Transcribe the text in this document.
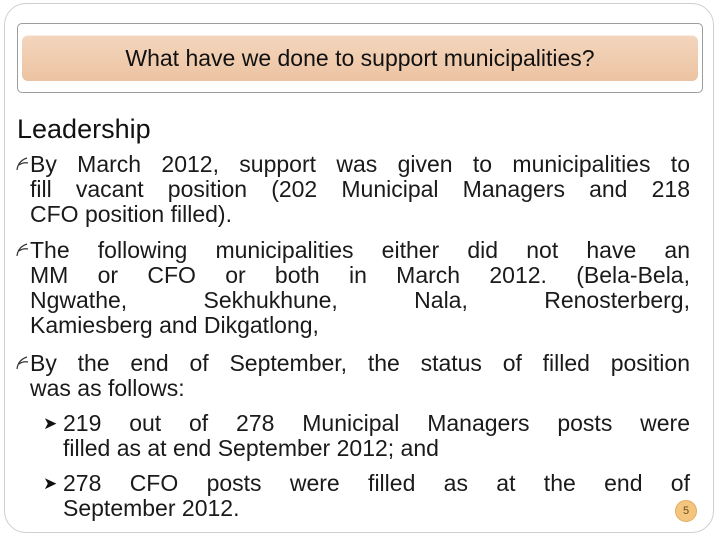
What have we done to support municipalities?
Leadership
By March 2012, support was given to municipalities to
fill vacant position (202 Municipal Managers and 218
CFO position filled).
The following municipalities either did not have an
MM or CFO or both in March 2012. (Bela-Bela,
Ngwathe, Sekhukhune, Nala, Renosterberg,
Kamiesberg and Dikgatlong,
By the end of September, the status of filled position
was as follows:
➤ 219 out of 278 Municipal Managers posts were
filled as at end September 2012; and
➤ 278 CFO posts were filled as at the end of
September 2012.	5
